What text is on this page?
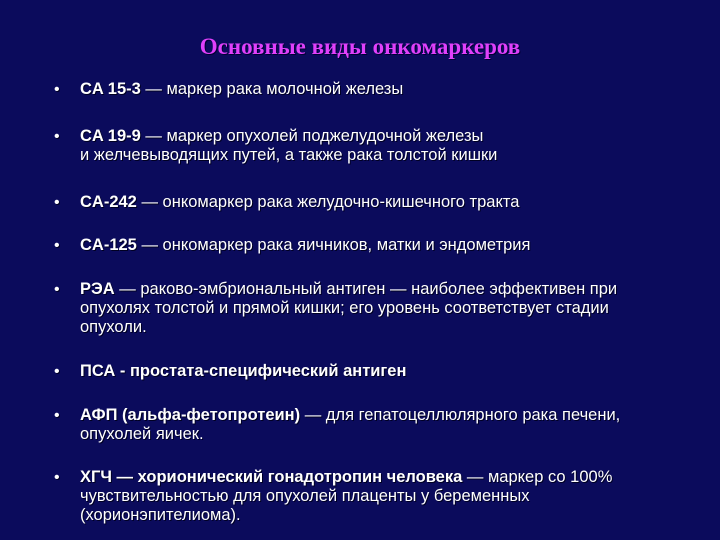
Основные виды онкомаркеров
• CA 15-3 — маркер рака молочной железы
• CA 19-9 — маркер опухолей поджелудочной железы
и желчевыводящих путей, а также рака толстой кишки
• CA-242 — онкомаркер рака желудочно-кишечного тракта
• CA-125 — онкомаркер рака яичников, матки и эндометрия
• РЭА — раково-эмбриональный антиген — наиболее эффективен при
опухолях толстой и прямой кишки; его уровень соответствует стадии
опухоли.
• ПСА - простата-специфический антиген
• АФП (альфа-фетопротеин) — для гепатоцеллюлярного рака печени,
опухолей яичек.
• ХГЧ — хорионический гонадотропин человека — маркер со 100%
чувствительностью для опухолей плаценты у беременных
(хорионэпителиома).
